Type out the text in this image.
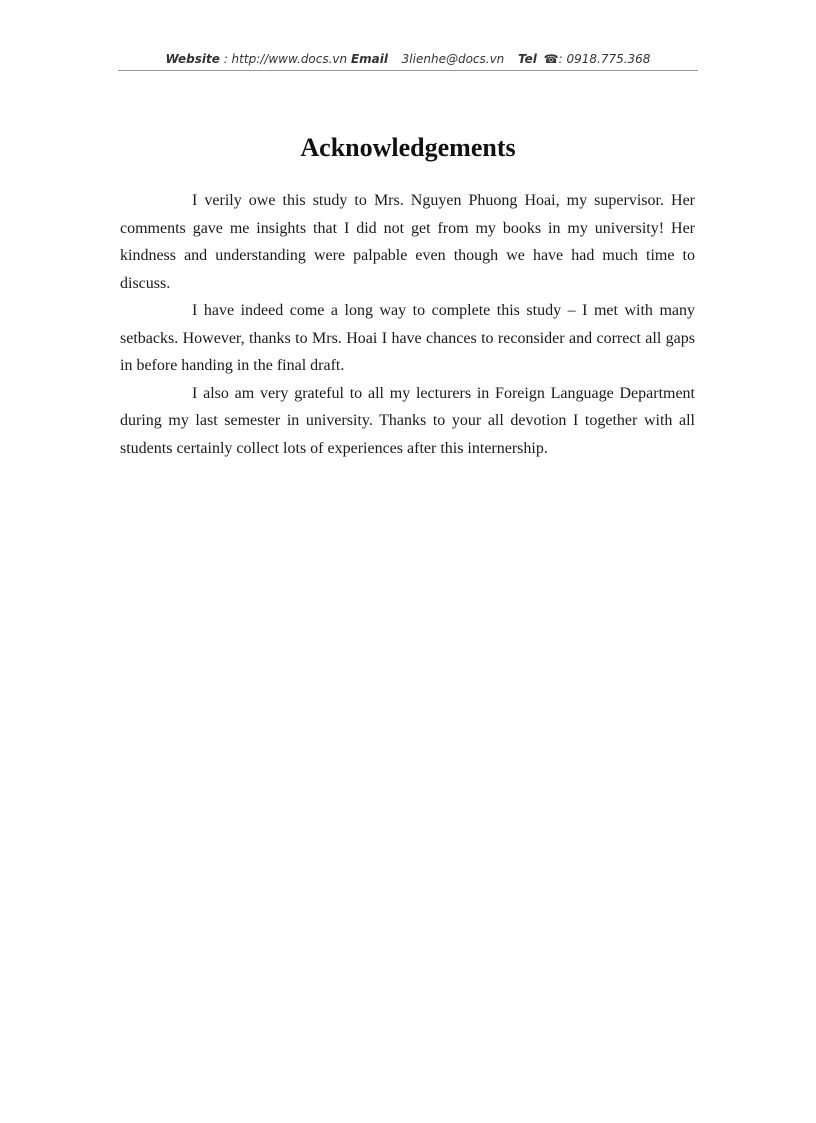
Website : http://www.docs.vn Email 3lienhe@docs.vn Tel ☎: 0918.775.368
Acknowledgements

I verily owe this study to Mrs. Nguyen Phuong Hoai, my supervisor. Her comments gave me insights that I did not get from my books in my university! Her kindness and understanding were palpable even though we have had much time to discuss.

I have indeed come a long way to complete this study – I met with many setbacks. However, thanks to Mrs. Hoai I have chances to reconsider and correct all gaps in before handing in the final draft.

I also am very grateful to all my lecturers in Foreign Language Department during my last semester in university. Thanks to your all devotion I together with all students certainly collect lots of experiences after this internership.
